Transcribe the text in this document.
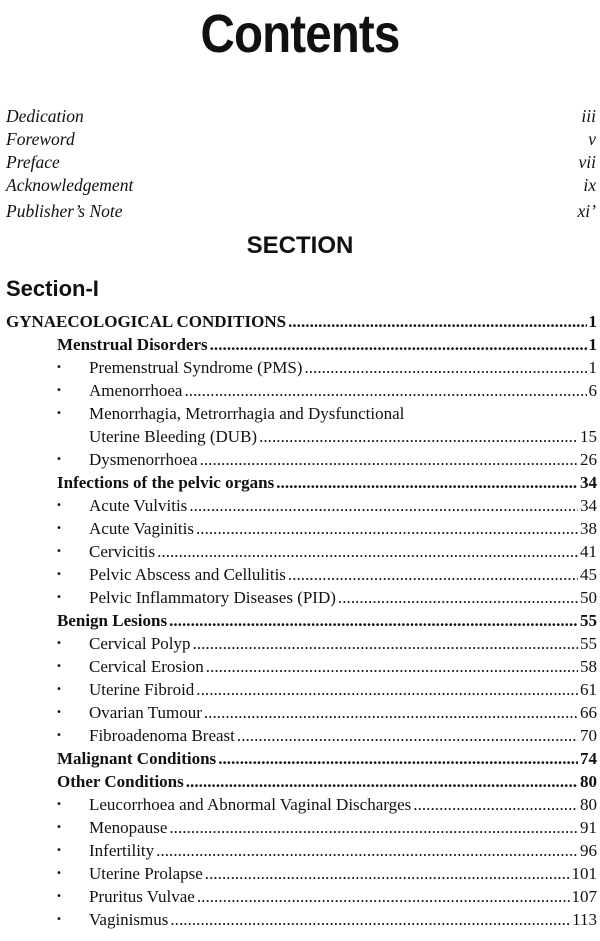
Contents
Dedication	iii
Foreword	v
Preface	vii
Acknowledgement	ix
Publisher’s Note	xi’
SECTION
Section-I
GYNAECOLOGICAL CONDITIONS . . .	1
Menstrual Disorders . . .	1
• Premenstrual Syndrome (PMS) . . .	1
• Amenorrhoea . . .	6
• Menorrhagia, Metrorrhagia and Dysfunctional
Uterine Bleeding (DUB) . . .	15
• Dysmenorrhoea . . .	26
Infections of the pelvic organs . . .	34
• Acute Vulvitis . . .	34
• Acute Vaginitis . . .	38
• Cervicitis . . .	41
• Pelvic Abscess and Cellulitis . . .	45
• Pelvic Inflammatory Diseases (PID) . . .	50
Benign Lesions . . .	55
• Cervical Polyp . . .	55
• Cervical Erosion . . .	58
• Uterine Fibroid . . .	61
• Ovarian Tumour . . .	66
• Fibroadenoma Breast . . .	70
Malignant Conditions . . .	74
Other Conditions . . .	80
• Leucorrhoea and Abnormal Vaginal Discharges . . .	80
• Menopause . . .	91
• Infertility . . .	96
• Uterine Prolapse . . .	101
• Pruritus Vulvae . . .	107
• Vaginismus . . .	113
